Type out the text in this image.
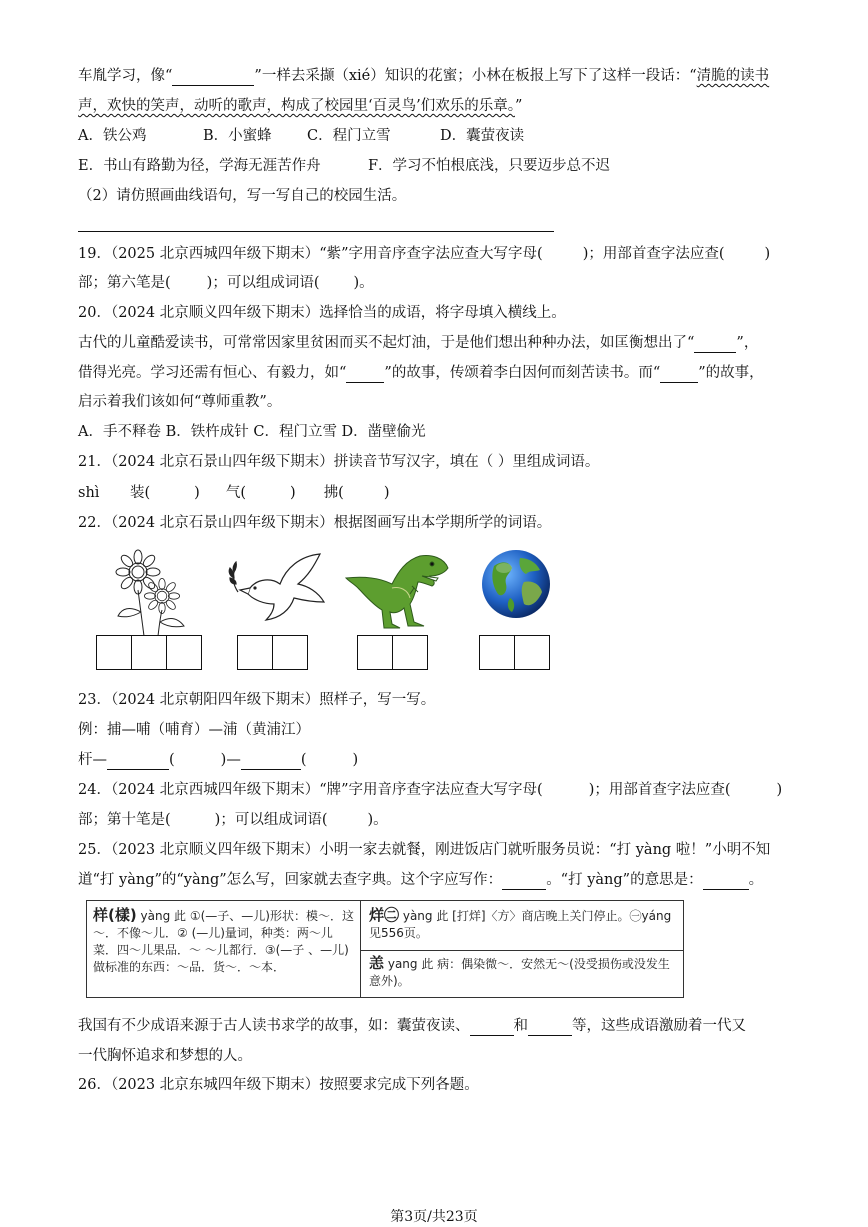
车胤学习，像“	”一样去采撷（xié）知识的花蜜；小林在板报上写下了这样一段话：“清脆的读书
声，欢快的笑声，动听的歌声，构成了校园里‘百灵鸟’们欢乐的乐章。”
A．铁公鸡	B．小蜜蜂 C．程门立雪	D．囊萤夜读
E．书山有路勤为径，学海无涯苦作舟	F．学习不怕根底浅，只要迈步总不迟
（2）请仿照画曲线语句，写一写自己的校园生活。
19．（2025 北京西城四年级下期末）“紫”字用音序查字法应查大写字母(	)；用部首查字法应查(	)
部；第六笔是( )；可以组成词语( )。
20．（2024 北京顺义四年级下期末）选择恰当的成语，将字母填入横线上。
古代的儿童酷爱读书，可常常因家里贫困而买不起灯油，于是他们想出种种办法，如匡衡想出了“	”，
借得光亮。学习还需有恒心、有毅力，如“	”的故事，传颂着李白因何而刻苦读书。而“	”的故事，
启示着我们该如何“尊师重教”。
A．手不释卷 B．铁杵成针 C．程门立雪 D．凿壁偷光
21．（2024 北京石景山四年级下期末）拼读音节写汉字，填在（ ）里组成词语。
shì 装(	) 气(	) 拂(	)
22．（2024 北京石景山四年级下期末）根据图画写出本学期所学的词语。
23．（2024 北京朝阳四年级下期末）照样子，写一写。
例：捕—哺（哺育）—浦（黄浦江）
杆—	(	)—	(	)
24．（2024 北京西城四年级下期末）“牌”字用音序查字法应查大写字母(	)；用部首查字法应查(	)
部；第十笔是(	)；可以组成词语(	)。
25．（2023 北京顺义四年级下期末）小明一家去就餐，刚进饭店门就听服务员说：“打 yàng 啦！”小明不知
道“打 yàng”的“yàng”怎么写，回家就去查字典。这个字应写作：	。“打 yàng”的意思是：	。
样(樣) yàng 此 ①(—子、—儿)形状：模～．这～．不像～儿．② (—儿)量词，种类：两～儿菜．四～儿果品．～ ～儿都行．③(—子 、—儿)做标准的东西：～品．货～．～本．
烊㊁ yàng 此 [打烊]〈方〉商店晚上关门停止。㊀yáng 见556页。
恙 yang 此 病：偶染微～．安然无～(没受损伤或没发生意外)。
我国有不少成语来源于古人读书求学的故事，如：囊萤夜读、	和	等，这些成语激励着一代又
一代胸怀追求和梦想的人。
26．（2023 北京东城四年级下期末）按照要求完成下列各题。
第3页/共23页
